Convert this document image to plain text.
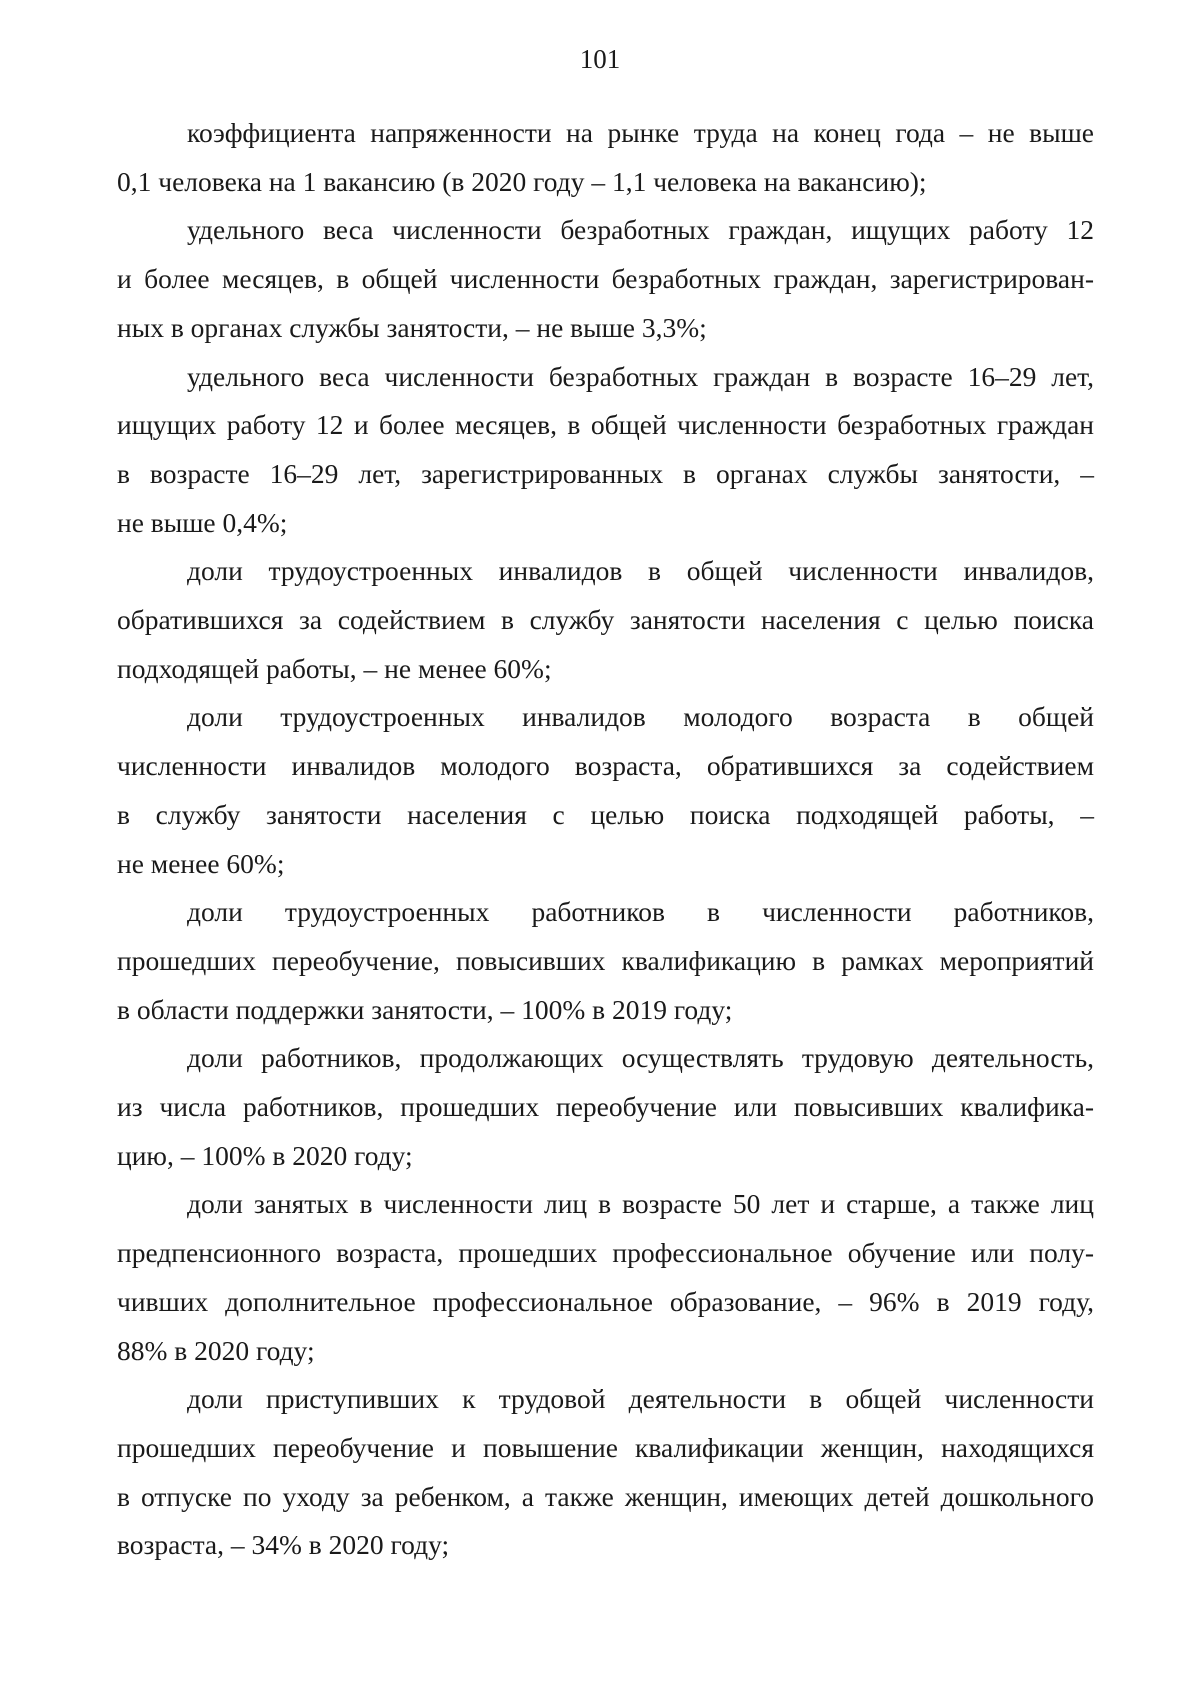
101

коэффициента напряженности на рынке труда на конец года – не выше
0,1 человека на 1 вакансию (в 2020 году – 1,1 человека на вакансию);

удельного веса численности безработных граждан, ищущих работу 12
и более месяцев, в общей численности безработных граждан, зарегистрирован-
ных в органах службы занятости, – не выше 3,3%;

удельного веса численности безработных граждан в возрасте 16–29 лет,
ищущих работу 12 и более месяцев, в общей численности безработных граждан
в возрасте 16–29 лет, зарегистрированных в органах службы занятости, –
не выше 0,4%;

доли трудоустроенных инвалидов в общей численности инвалидов,
обратившихся за содействием в службу занятости населения с целью поиска
подходящей работы, – не менее 60%;

доли трудоустроенных инвалидов молодого возраста в общей
численности инвалидов молодого возраста, обратившихся за содействием
в службу занятости населения с целью поиска подходящей работы, –
не менее 60%;

доли трудоустроенных работников в численности работников,
прошедших переобучение, повысивших квалификацию в рамках мероприятий
в области поддержки занятости, – 100% в 2019 году;

доли работников, продолжающих осуществлять трудовую деятельность,
из числа работников, прошедших переобучение или повысивших квалифика-
цию, – 100% в 2020 году;

доли занятых в численности лиц в возрасте 50 лет и старше, а также лиц
предпенсионного возраста, прошедших профессиональное обучение или полу-
чивших дополнительное профессиональное образование, – 96% в 2019 году,
88% в 2020 году;

доли приступивших к трудовой деятельности в общей численности
прошедших переобучение и повышение квалификации женщин, находящихся
в отпуске по уходу за ребенком, а также женщин, имеющих детей дошкольного
возраста, – 34% в 2020 году;
